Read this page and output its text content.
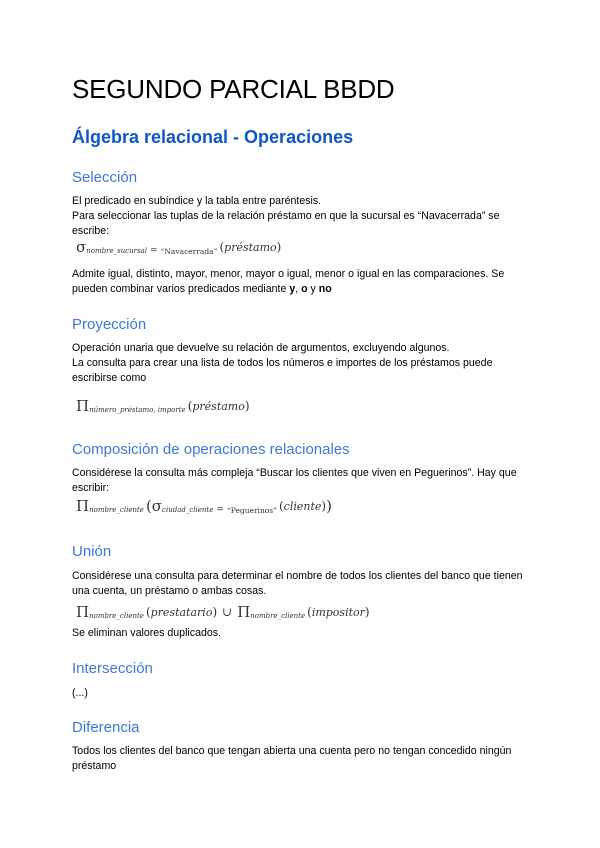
SEGUNDO PARCIAL BBDD
Álgebra relacional - Operaciones
Selección

El predicado en subíndice y la tabla entre paréntesis.

Para seleccionar las tuplas de la relación préstamo en que la sucursal es “Navacerrada” se escribe:

σ nombre_sucursal = “Navacerrada” ( préstamo )

Admite igual, distinto, mayor, menor, mayor o igual, menor o igual en las comparaciones. Se pueden combinar varios predicados mediante y, o y no

Proyección

Operación unaria que devuelve su relación de argumentos, excluyendo algunos.

La consulta para crear una lista de todos los números e importes de los préstamos puede escribirse como

Π número_préstamo, importe ( préstamo )
Composición de operaciones relacionales

Considérese la consulta más compleja “Buscar los clientes que viven en Peguerinos”. Hay que escribir:

Π nombre_cliente ( σ ciudad_cliente = “Peguerinos” ( cliente ) )
Unión

Considérese una consulta para determinar el nombre de todos los clientes del banco que tienen una cuenta, un préstamo o ambas cosas.

Π nombre_cliente ( prestatario ) ∪ Π nombre_cliente ( impositor )

Se eliminan valores duplicados.

Intersección

(...)

Diferencia

Todos los clientes del banco que tengan abierta una cuenta pero no tengan concedido ningún préstamo
